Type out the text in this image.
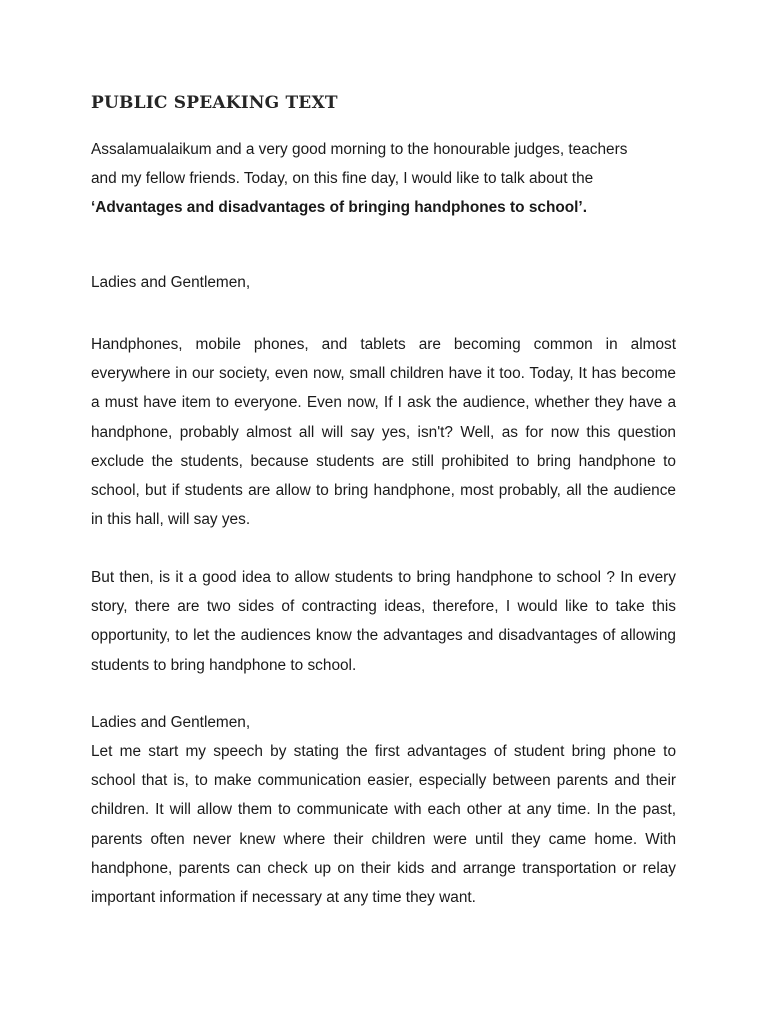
PUBLIC SPEAKING TEXT

Assalamualaikum and a very good morning to the honourable judges, teachers
and my fellow friends. Today, on this fine day, I would like to talk about the
‘Advantages and disadvantages of bringing handphones to school’.

Ladies and Gentlemen,

Handphones, mobile phones, and tablets are becoming common in almost everywhere in our society, even now, small children have it too. Today, It has become a must have item to everyone. Even now, If I ask the audience, whether they have a handphone, probably almost all will say yes, isn't? Well, as for now this question exclude the students, because students are still prohibited to bring handphone to school, but if students are allow to bring handphone, most probably, all the audience in this hall, will say yes.

But then, is it a good idea to allow students to bring handphone to school ? In every story, there are two sides of contracting ideas, therefore, I would like to take this opportunity, to let the audiences know the advantages and disadvantages of allowing students to bring handphone to school.

Ladies and Gentlemen,

Let me start my speech by stating the first advantages of student bring phone to school that is, to make communication easier, especially between parents and their children. It will allow them to communicate with each other at any time. In the past, parents often never knew where their children were until they came home. With handphone, parents can check up on their kids and arrange transportation or relay important information if necessary at any time they want.
